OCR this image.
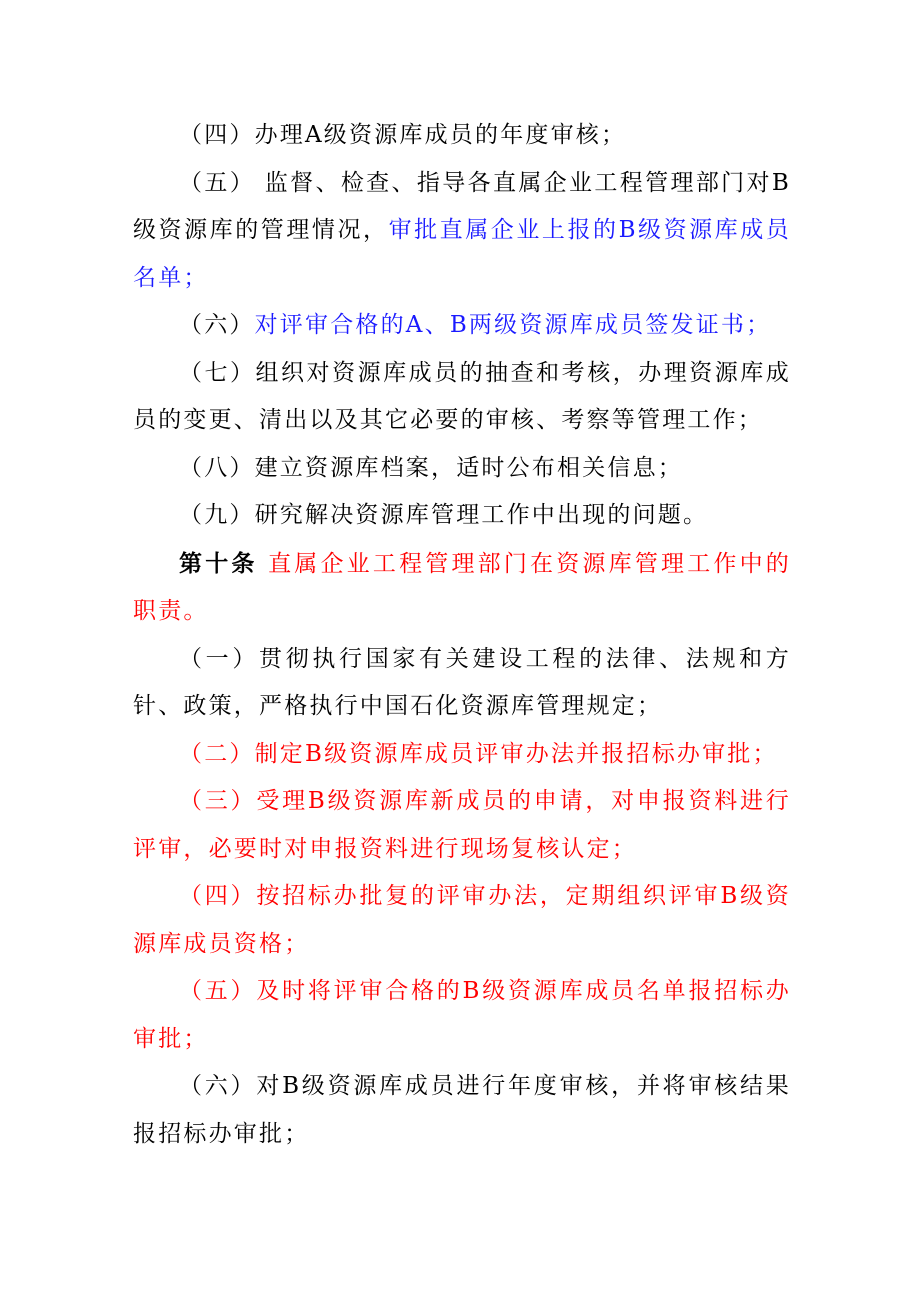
（四）办理A级资源库成员的年度审核；

（五） 监督、检查、指导各直属企业工程管理部门对B级资源库的管理情况，审批直属企业上报的B级资源库成员名单；

（六）对评审合格的A、B两级资源库成员签发证书；

（七）组织对资源库成员的抽查和考核，办理资源库成员的变更、清出以及其它必要的审核、考察等管理工作；

（八）建立资源库档案，适时公布相关信息；

（九）研究解决资源库管理工作中出现的问题。

第十条 直属企业工程管理部门在资源库管理工作中的职责。

（一）贯彻执行国家有关建设工程的法律、法规和方针、政策，严格执行中国石化资源库管理规定；

（二）制定B级资源库成员评审办法并报招标办审批；

（三）受理B级资源库新成员的申请，对申报资料进行评审，必要时对申报资料进行现场复核认定；

（四）按招标办批复的评审办法，定期组织评审B级资源库成员资格；

（五）及时将评审合格的B级资源库成员名单报招标办审批；

（六）对B级资源库成员进行年度审核，并将审核结果报招标办审批；
